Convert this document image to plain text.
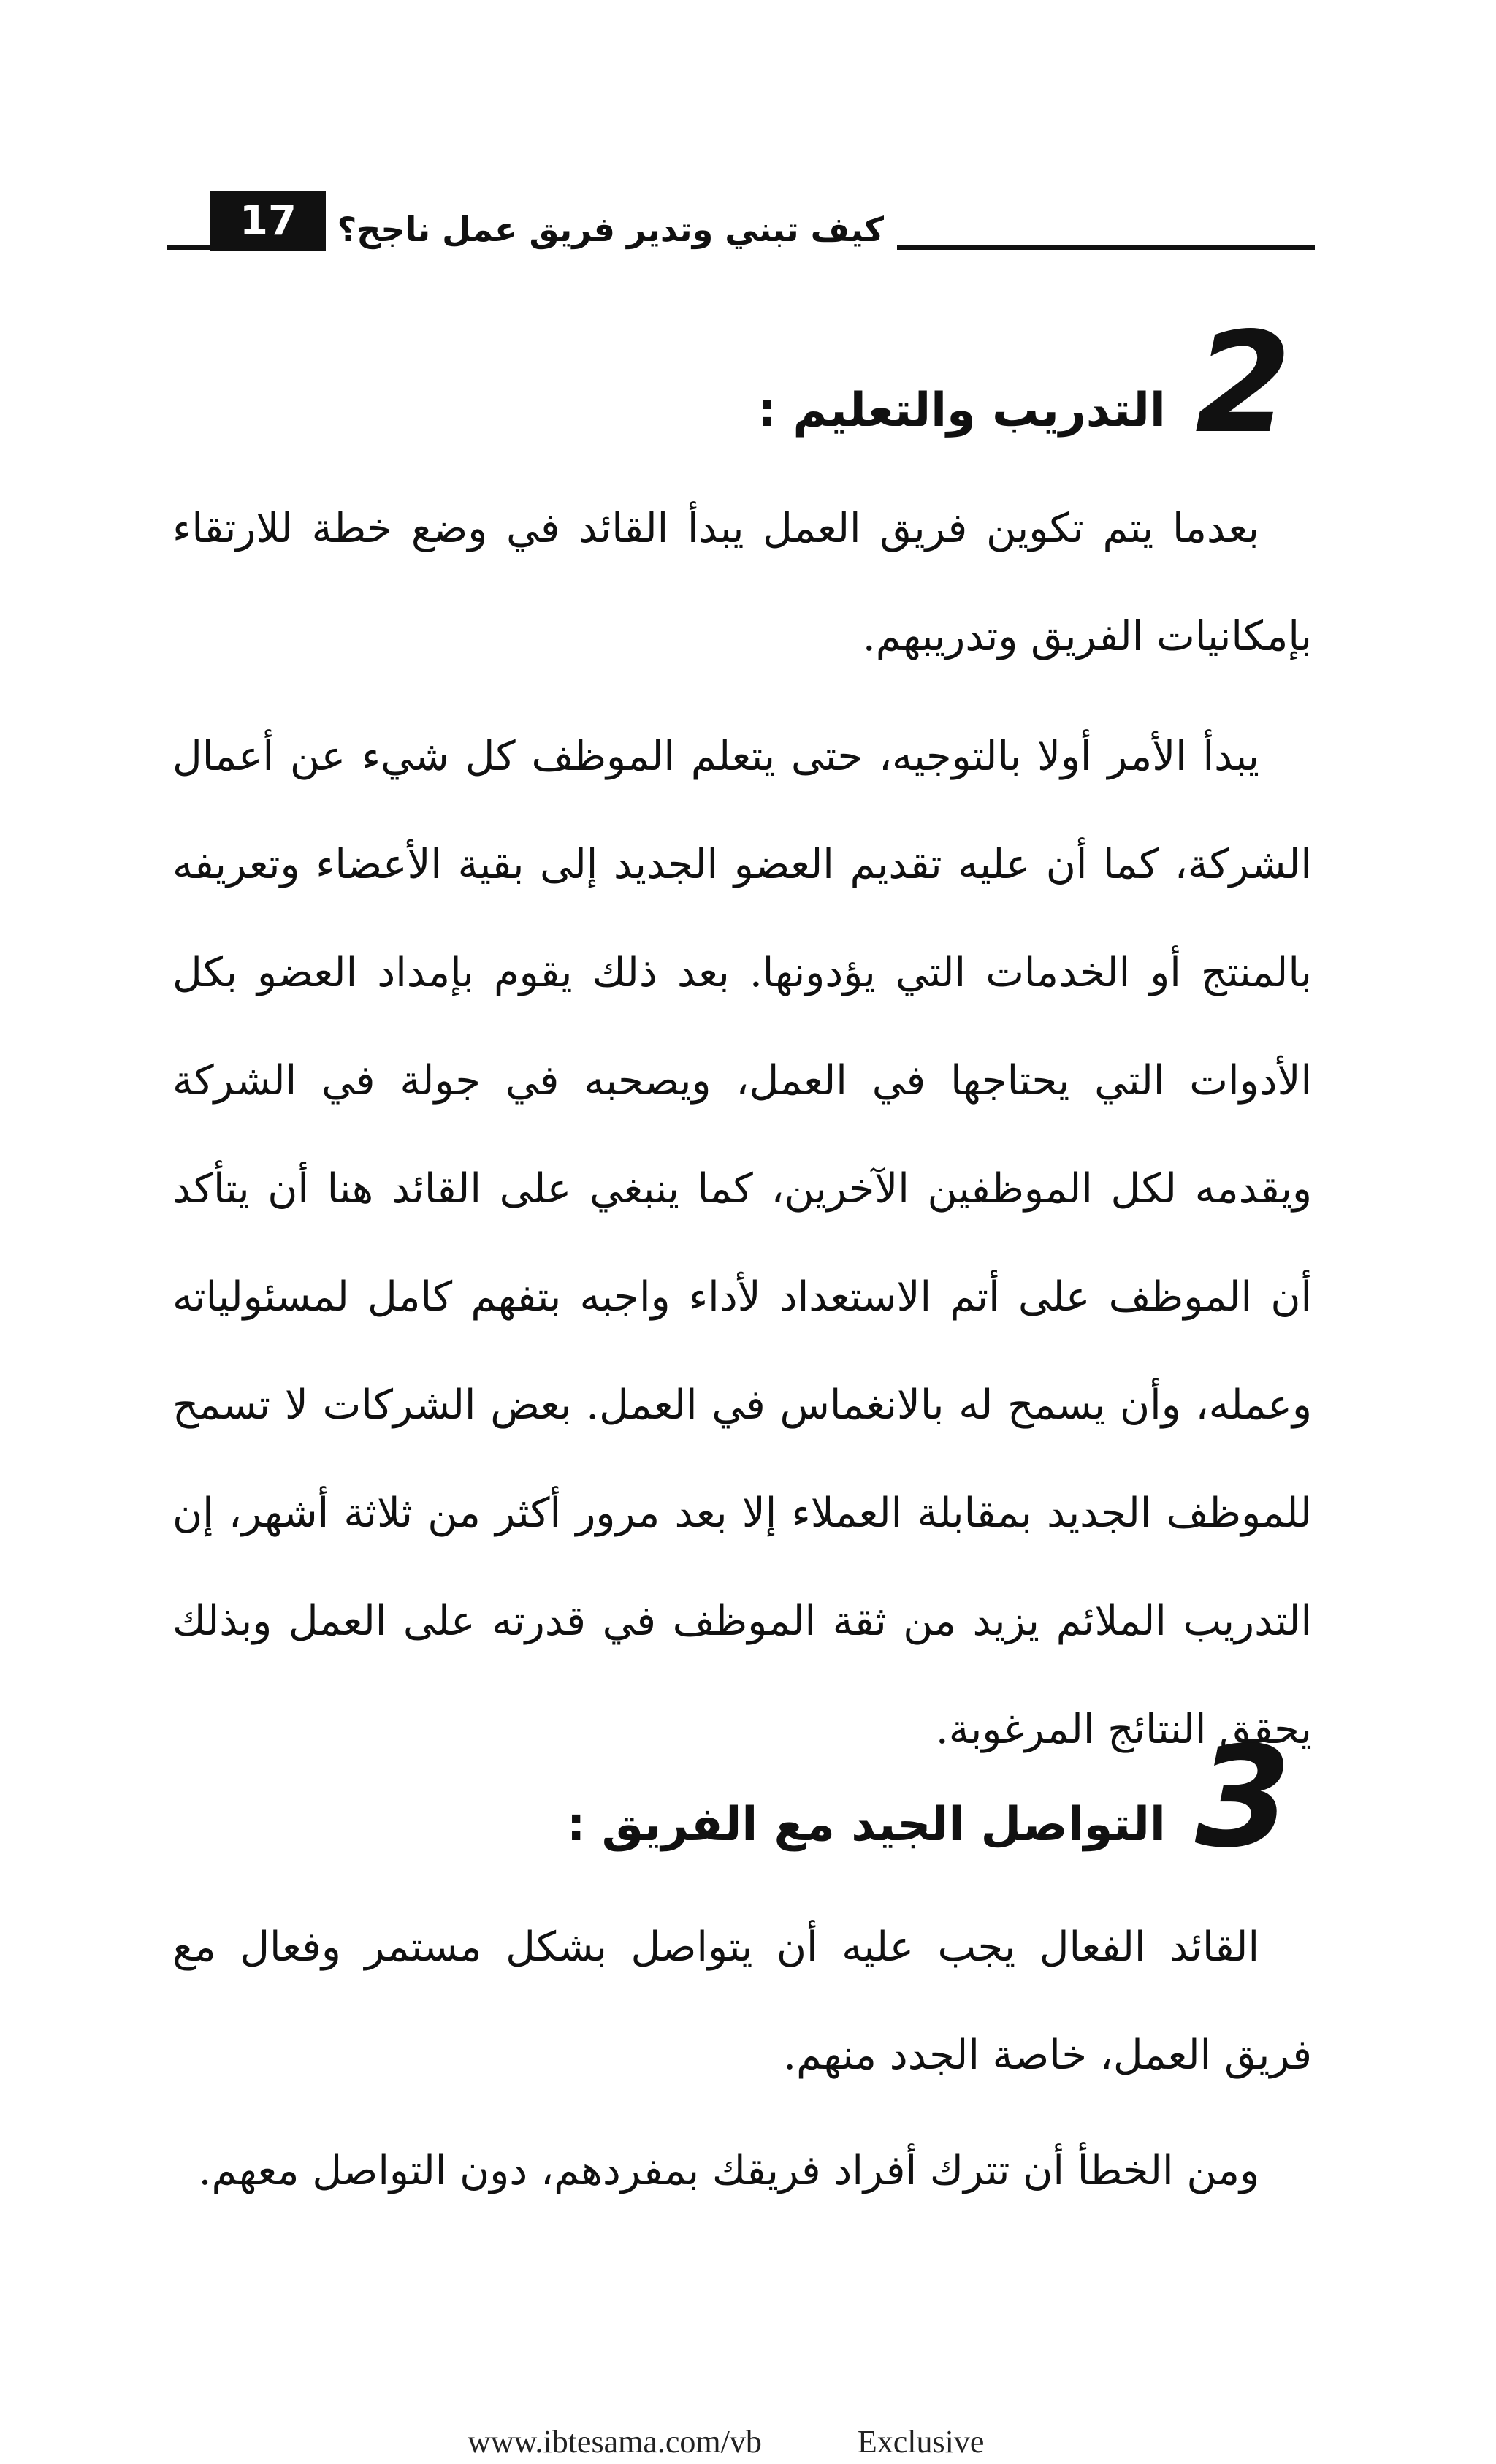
كيف تبني وتدير فريق عمل ناجح؟
17
2
التدريب والتعليم :

بعدما يتم تكوين فريق العمل يبدأ القائد في وضع خطة للارتقاء بإمكانيات الفريق وتدريبهم.

يبدأ الأمر أولا بالتوجيه، حتى يتعلم الموظف كل شيء عن أعمال الشركة، كما أن عليه تقديم العضو الجديد إلى بقية الأعضاء وتعريفه بالمنتج أو الخدمات التي يؤدونها. بعد ذلك يقوم بإمداد العضو بكل الأدوات التي يحتاجها في العمل، ويصحبه في جولة في الشركة ويقدمه لكل الموظفين الآخرين، كما ينبغي على القائد هنا أن يتأكد أن الموظف على أتم الاستعداد لأداء واجبه بتفهم كامل لمسئولياته وعمله، وأن يسمح له بالانغماس في العمل. بعض الشركات لا تسمح للموظف الجديد بمقابلة العملاء إلا بعد مرور أكثر من ثلاثة أشهر، إن التدريب الملائم يزيد من ثقة الموظف في قدرته على العمل وبذلك يحقق النتائج المرغوبة.

3
التواصل الجيد مع الفريق :

القائد الفعال يجب عليه أن يتواصل بشكل مستمر وفعال مع فريق العمل، خاصة الجدد منهم.

ومن الخطأ أن تترك أفراد فريقك بمفردهم، دون التواصل معهم.

www.ibtesama.com/vb	Exclusive
